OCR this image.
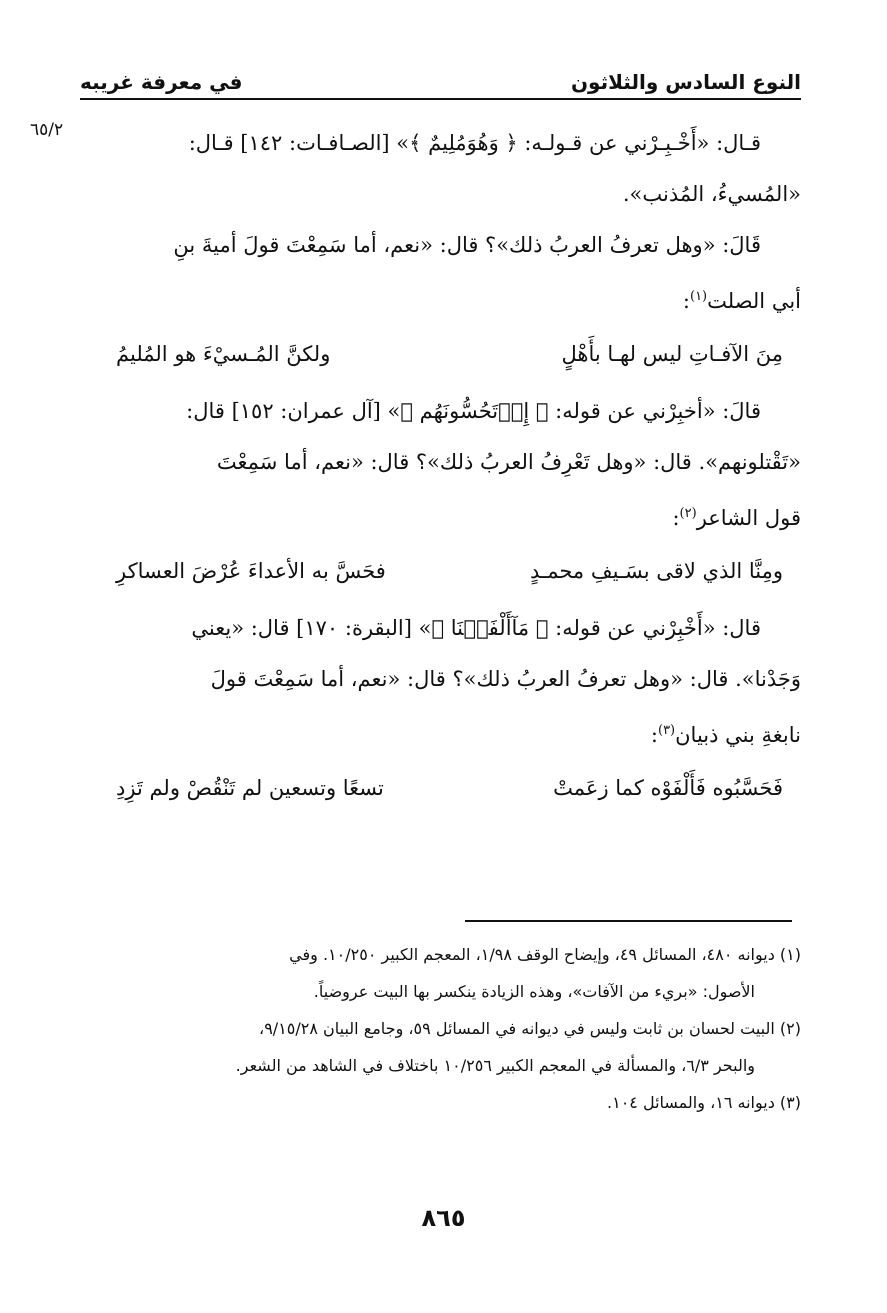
النوع السادس والثلاثون
في معرفة غريبه
٦٥/٢
قـال: «أَخْـبِـرْني عن قـولـه: ﴿ وَهُوَمُلِيمٌ ﴾» [الصـافـات: ١٤٢] قـال:
«المُسيءُ، المُذنب».
قَالَ: «وهل تعرفُ العربُ ذلك»؟ قال: «نعم، أما سَمِعْتَ قولَ أميةَ بنِ
أبي الصلت$^{(١)}$:
مِنَ الآفـاتِ ليس لهـا بأَهْلٍ
ولكنَّ المُـسيْءَ هو المُليمُ
قالَ: «أخبِرْني عن قوله: ﴿ إِذۡتَحُسُّونَهُم ﴾» [آل عمران: ١٥٢] قال:
«تَقْتلونهم». قال: «وهل تَعْرِفُ العربُ ذلك»؟ قال: «نعم، أما سَمِعْتَ
قول الشاعر$^{(٢)}$:
ومِنَّا الذي لاقى بسَـيفِ محمـدٍ
فحَسَّ به الأعداءَ عُرْضَ العساكرِ
قال: «أَخْبِرْني عن قوله: ﴿ مَآأَلْفَيۡنَا ﴾» [البقرة: ١٧٠] قال: «يعني
وَجَدْنا». قال: «وهل تعرفُ العربُ ذلك»؟ قال: «نعم، أما سَمِعْتَ قولَ
نابغةِ بني ذبيان$^{(٣)}$:
فَحَسَّبُوه فَأَلْفَوْه كما زعَمتْ
تسعًا وتسعين لم تَنْقُصْ ولم تَزِدِ
(١) ديوانه ٤٨٠، المسائل ٤٩، وإيضاح الوقف ١/٩٨، المعجم الكبير ١٠/٢٥٠. وفي
الأصول: «بريء من الآفات»، وهذه الزيادة ينكسر بها البيت عروضياً.
(٢) البيت لحسان بن ثابت وليس في ديوانه في المسائل ٥٩، وجامع البيان ٩/١٥/٢٨،
والبحر ٦/٣، والمسألة في المعجم الكبير ١٠/٢٥٦ باختلاف في الشاهد من الشعر.
(٣) ديوانه ١٦، والمسائل ١٠٤.
٨٦٥
